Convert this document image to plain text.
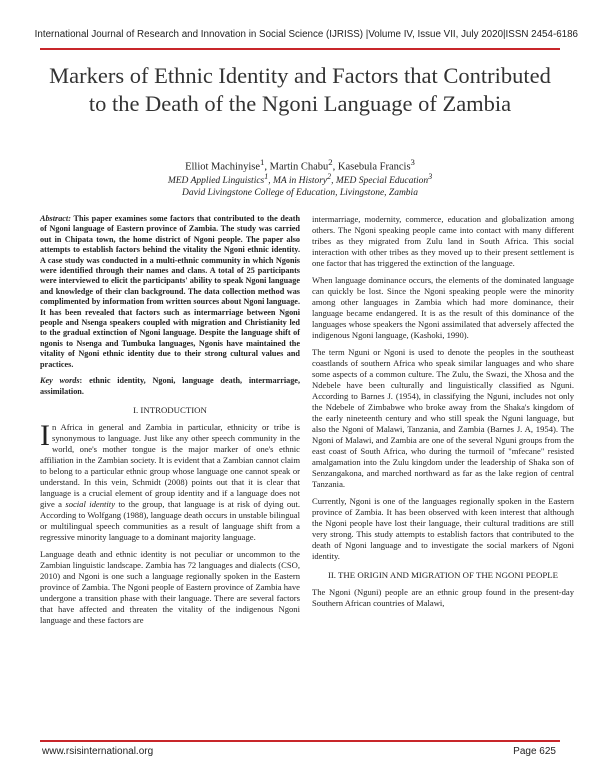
International Journal of Research and Innovation in Social Science (IJRISS) |Volume IV, Issue VII, July 2020|ISSN 2454-6186
Markers of Ethnic Identity and Factors that Contributed to the Death of the Ngoni Language of Zambia
Elliot Machinyise$^1$, Martin Chabu$^2$, Kasebula Francis$^3$
MED Applied Linguistics$^1$, MA in History$^2$, MED Special Education$^3$
David Livingstone College of Education, Livingstone, Zambia

Abstract: This paper examines some factors that contributed to the death of Ngoni language of Eastern province of Zambia. The study was carried out in Chipata town, the home district of Ngoni people. The paper also attempts to establish factors behind the vitality the Ngoni ethnic identity. A case study was conducted in a multi-ethnic community in which Ngonis were identified through their names and clans. A total of 25 participants were interviewed to elicit the participants' ability to speak Ngoni language and knowledge of their clan background. The data collection method was complimented by information from written sources about Ngoni language. It has been revealed that factors such as intermarriage between Ngoni people and Nsenga speakers coupled with migration and Christianity led to the gradual extinction of Ngoni language. Despite the language shift of ngonis to Nsenga and Tumbuka languages, Ngonis have maintained the vitality of Ngoni ethnic identity due to their strong cultural values and practices.

Key words: ethnic identity, Ngoni, language death, intermarriage, assimilation.

I. INTRODUCTION

In Africa in general and Zambia in particular, ethnicity or tribe is synonymous to language. Just like any other speech community in the world, one's mother tongue is the major marker of one's ethnic affiliation in the Zambian society. It is evident that a Zambian cannot claim to belong to a particular ethnic group whose language one cannot speak or understand. In this vein, Schmidt (2008) points out that it is clear that language is a crucial element of group identity and if a language does not give a social identity to the group, that language is at risk of dying out. According to Wolfgang (1988), language death occurs in unstable bilingual or multilingual speech communities as a result of language shift from a regressive minority language to a dominant majority language.

Language death and ethnic identity is not peculiar or uncommon to the Zambian linguistic landscape. Zambia has 72 languages and dialects (CSO, 2010) and Ngoni is one such a language regionally spoken in the Eastern province of Zambia. The Ngoni people of Eastern province of Zambia have undergone a transition phase with their language. There are several factors that have affected and threaten the vitality of the indigenous Ngoni language and these factors are

intermarriage, modernity, commerce, education and globalization among others. The Ngoni speaking people came into contact with many different tribes as they migrated from Zulu land in South Africa. This social interaction with other tribes as they moved up to their present settlement is one factor that has triggered the extinction of the language.

When language dominance occurs, the elements of the dominated language can quickly be lost. Since the Ngoni speaking people were the minority among other languages in Zambia which had more dominance, their language became endangered. It is as the result of this dominance of the languages whose speakers the Ngoni assimilated that adversely affected the indigenous Ngoni language, (Kashoki, 1990).

The term Nguni or Ngoni is used to denote the peoples in the southeast coastlands of southern Africa who speak similar languages and who share some aspects of a common culture. The Zulu, the Swazi, the Xhosa and the Ndebele have been culturally and linguistically classified as Nguni. According to Barnes J. (1954), in classifying the Nguni, includes not only the Ndebele of Zimbabwe who broke away from the Shaka's kingdom of the early nineteenth century and who still speak the Nguni language, but also the Ngoni of Malawi, Tanzania, and Zambia (Barnes J. A, 1954). The Ngoni of Malawi, and Zambia are one of the several Nguni groups from the east coast of South Africa, who during the turmoil of "mfecane" resisted amalgamation into the Zulu kingdom under the leadership of Shaka son of Senzangakona, and marched northward as far as the lake region of central Tanzania.

Currently, Ngoni is one of the languages regionally spoken in the Eastern province of Zambia. It has been observed with keen interest that although the Ngoni people have lost their language, their cultural traditions are still very strong. This study attempts to establish factors that contributed to the death of Ngoni language and to investigate the social markers of Ngoni identity.

II. THE ORIGIN AND MIGRATION OF THE NGONI PEOPLE

The Ngoni (Nguni) people are an ethnic group found in the present-day Southern African countries of Malawi,

www.rsisinternational.org	Page 625
